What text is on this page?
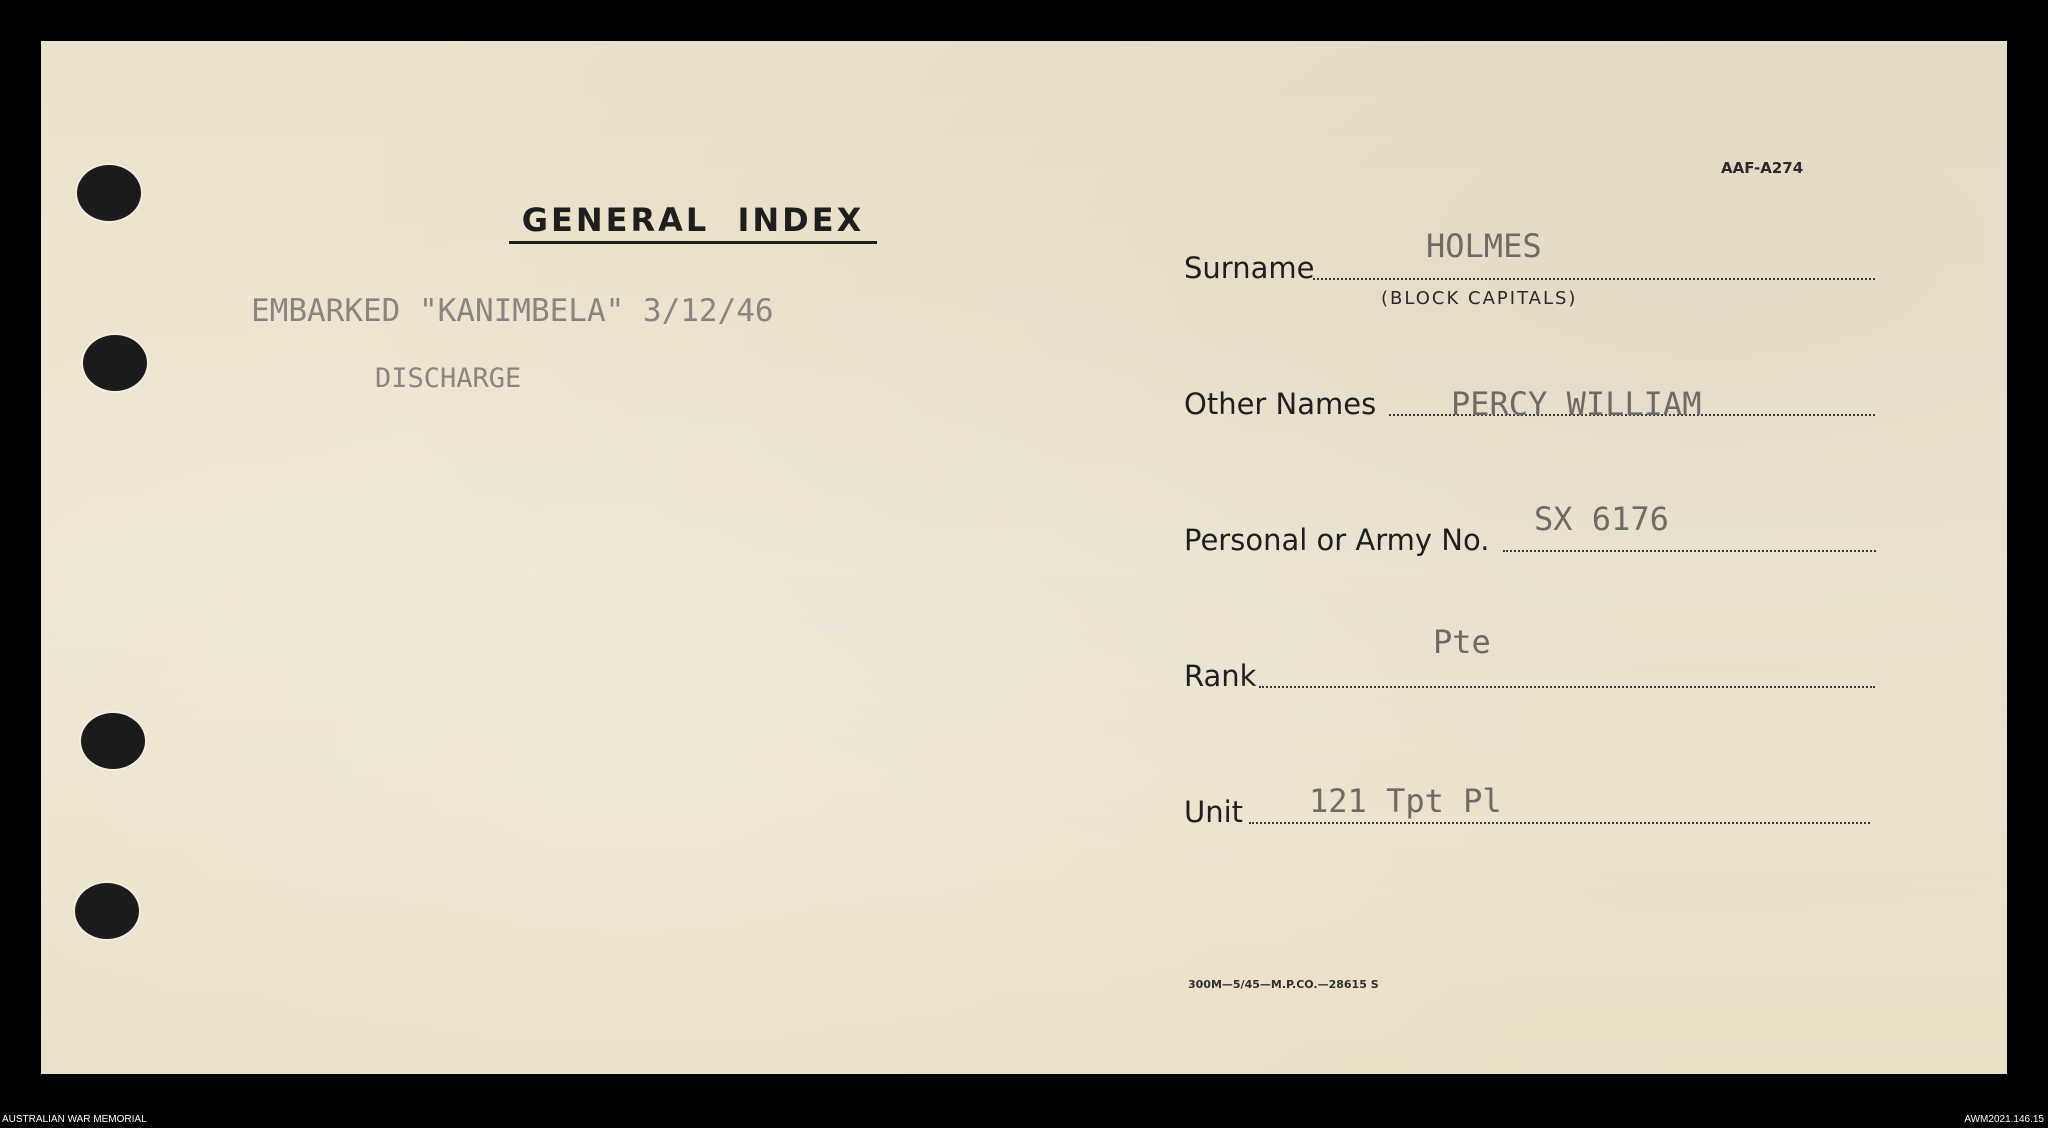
GENERAL INDEX
EMBARKED "KANIMBELA" 3/12/46
DISCHARGE
AAF-A274
Surname
HOLMES
(BLOCK CAPITALS)
Other Names PERCY WILLIAM
Personal or Army No.
SX 6176
Rank
Pte
Unit 121 Tpt Pl
300M—5/45—M.P.CO.—28615 S
AUSTRALIAN WAR MEMORIAL	AWM2021.146.15
